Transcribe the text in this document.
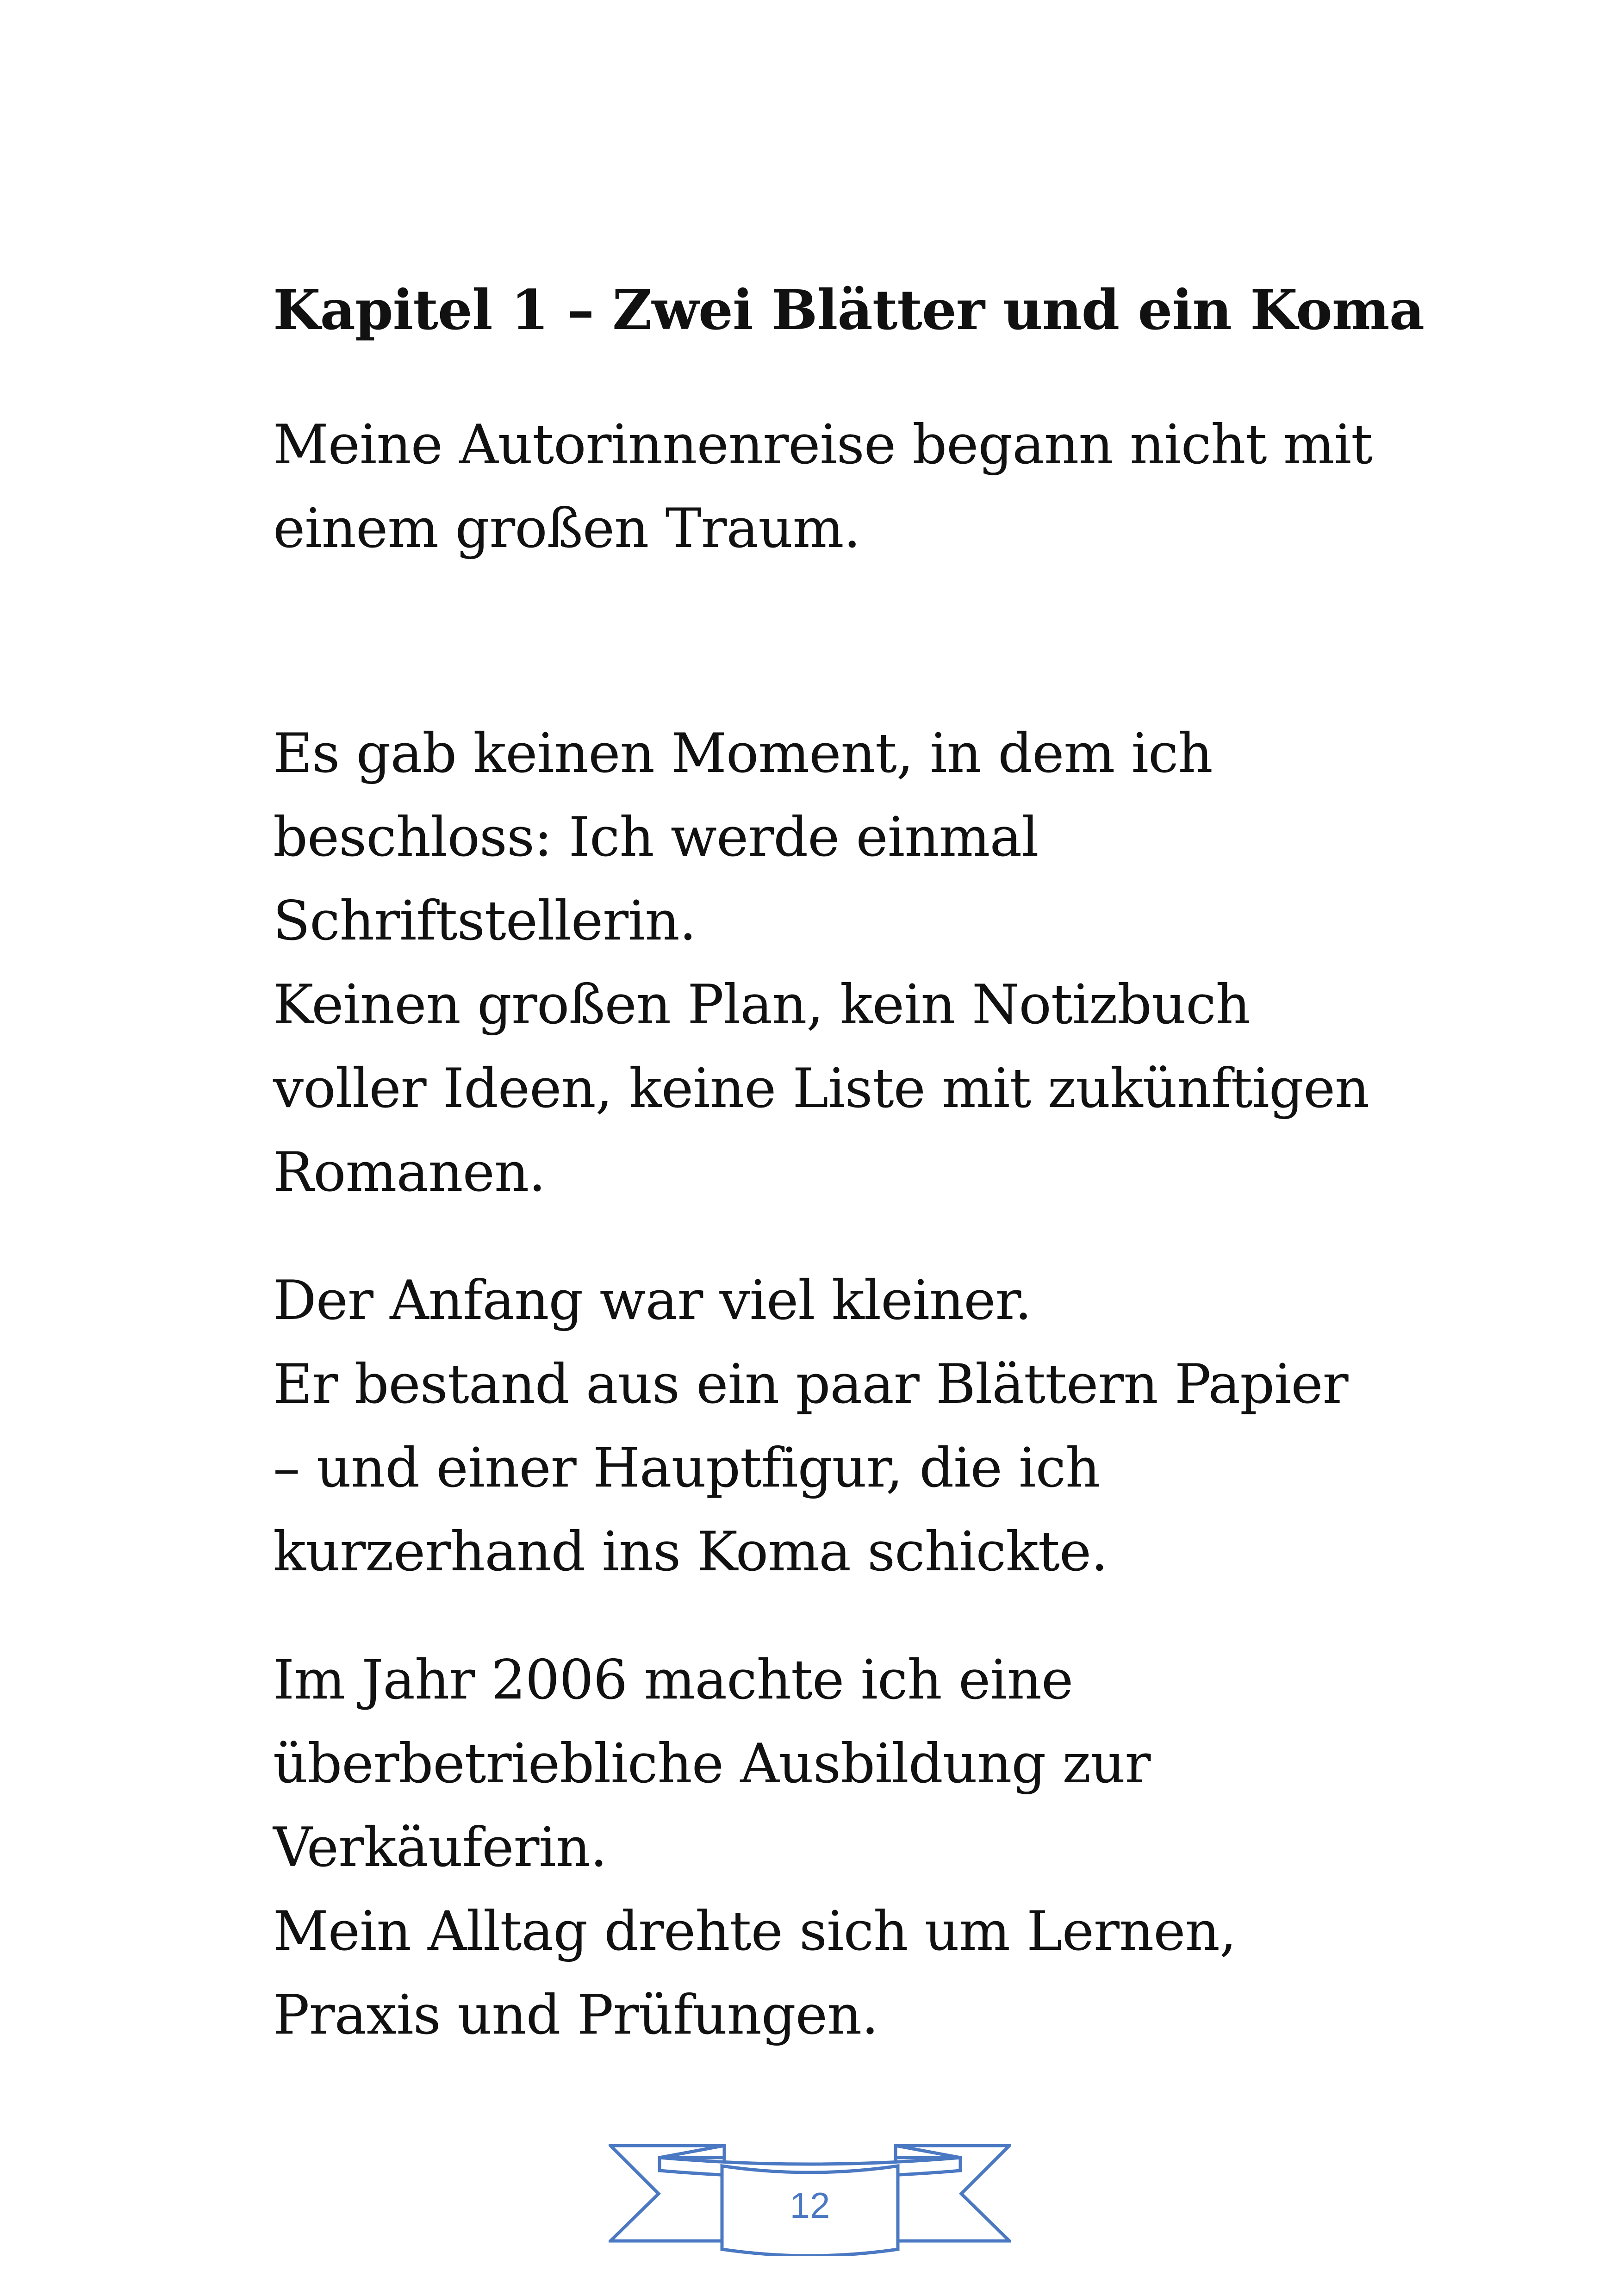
Kapitel 1 – Zwei Blätter und ein Koma

Meine Autorinnenreise begann nicht mit
einem großen Traum.

Es gab keinen Moment, in dem ich
beschloss: Ich werde einmal
Schriftstellerin.
Keinen großen Plan, kein Notizbuch
voller Ideen, keine Liste mit zukünftigen
Romanen.

Der Anfang war viel kleiner.
Er bestand aus ein paar Blättern Papier
– und einer Hauptfigur, die ich
kurzerhand ins Koma schickte.

Im Jahr 2006 machte ich eine
überbetriebliche Ausbildung zur
Verkäuferin.
Mein Alltag drehte sich um Lernen,
Praxis und Prüfungen.

12
